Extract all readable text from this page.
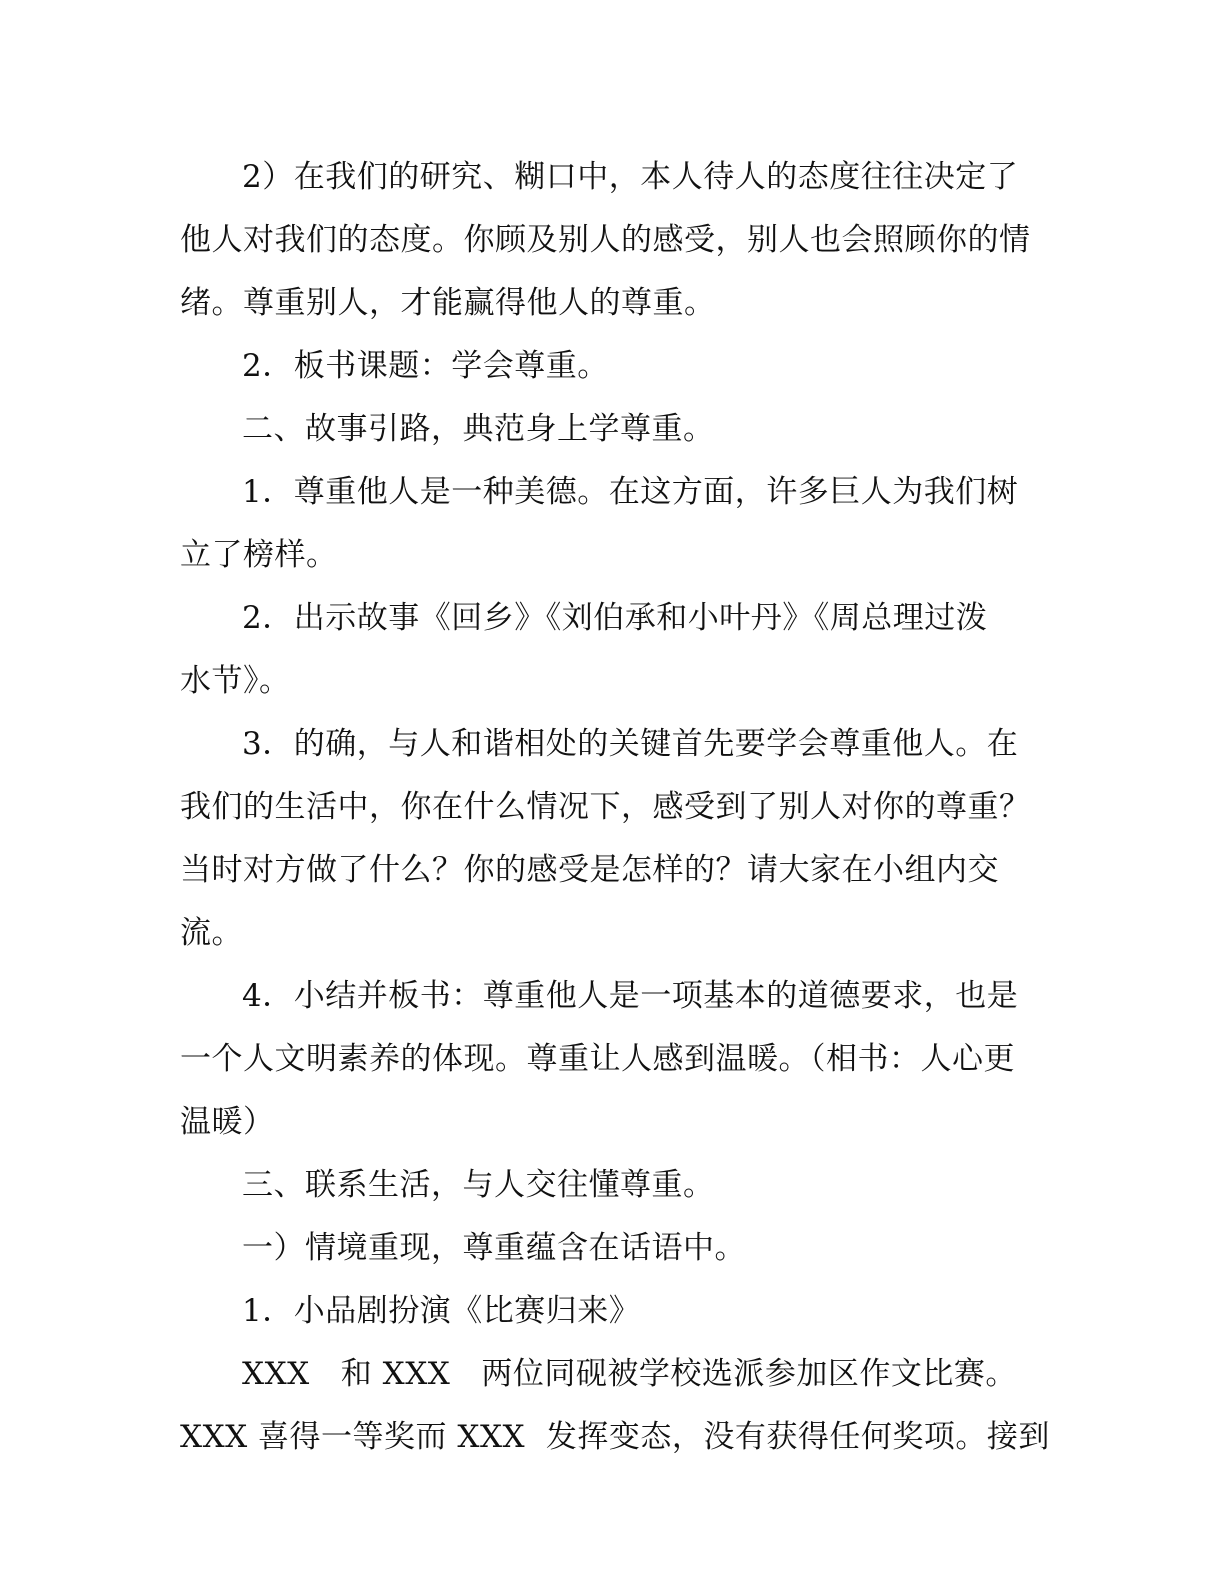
2）在我们的研究、糊口中，本人待人的态度往往决定了

他人对我们的态度。你顾及别人的感受，别人也会照顾你的情

绪。尊重别人，才能赢得他人的尊重。

2．板书课题：学会尊重。

二、故事引路，典范身上学尊重。

1．尊重他人是一种美德。在这方面，许多巨人为我们树

立了榜样。

2．出示故事《回乡》《刘伯承和小叶丹》《周总理过泼

水节》。

3．的确，与人和谐相处的关键首先要学会尊重他人。在

我们的生活中，你在什么情况下，感受到了别人对你的尊重？

当时对方做了什么？你的感受是怎样的？请大家在小组内交流。

4．小结并板书：尊重他人是一项基本的道德要求，也是

一个人文明素养的体现。尊重让人感到温暖。（相书：人心更

温暖）

三、联系生活，与人交往懂尊重。

一）情境重现，尊重蕴含在话语中。

1．小品剧扮演《比赛归来》

XXX   和 XXX   两位同砚被学校选派参加区作文比赛。

XXX 喜得一等奖而 XXX  发挥变态，没有获得任何奖项。接到
